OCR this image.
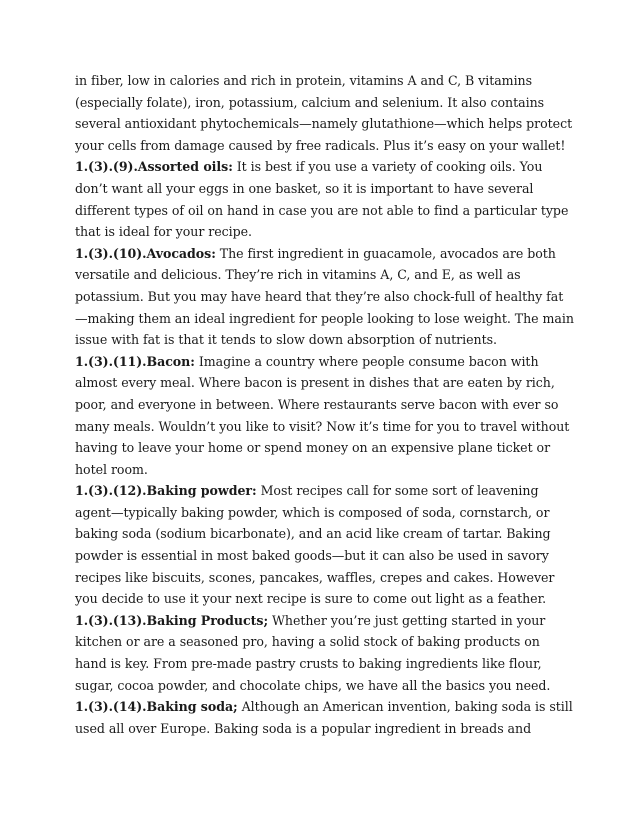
in fiber, low in calories and rich in protein, vitamins A and C, B vitamins (especially folate), iron, potassium, calcium and selenium. It also contains several antioxidant phytochemicals—namely glutathione—which helps protect your cells from damage caused by free radicals. Plus it’s easy on your wallet!

1.(3).(9).Assorted oils: It is best if you use a variety of cooking oils. You don’t want all your eggs in one basket, so it is important to have several different types of oil on hand in case you are not able to find a particular type that is ideal for your recipe.

1.(3).(10).Avocados: The first ingredient in guacamole, avocados are both versatile and delicious. They’re rich in vitamins A, C, and E, as well as potassium. But you may have heard that they’re also chock-full of healthy fat—making them an ideal ingredient for people looking to lose weight. The main issue with fat is that it tends to slow down absorption of nutrients.

1.(3).(11).Bacon: Imagine a country where people consume bacon with almost every meal. Where bacon is present in dishes that are eaten by rich, poor, and everyone in between. Where restaurants serve bacon with ever so many meals. Wouldn’t you like to visit? Now it’s time for you to travel without having to leave your home or spend money on an expensive plane ticket or hotel room.

1.(3).(12).Baking powder: Most recipes call for some sort of leavening agent—typically baking powder, which is composed of soda, cornstarch, or baking soda (sodium bicarbonate), and an acid like cream of tartar. Baking powder is essential in most baked goods—but it can also be used in savory recipes like biscuits, scones, pancakes, waffles, crepes and cakes. However you decide to use it your next recipe is sure to come out light as a feather.

1.(3).(13).Baking Products; Whether you’re just getting started in your kitchen or are a seasoned pro, having a solid stock of baking products on hand is key. From pre-made pastry crusts to baking ingredients like flour, sugar, cocoa powder, and chocolate chips, we have all the basics you need.

1.(3).(14).Baking soda; Although an American invention, baking soda is still used all over Europe. Baking soda is a popular ingredient in breads and
